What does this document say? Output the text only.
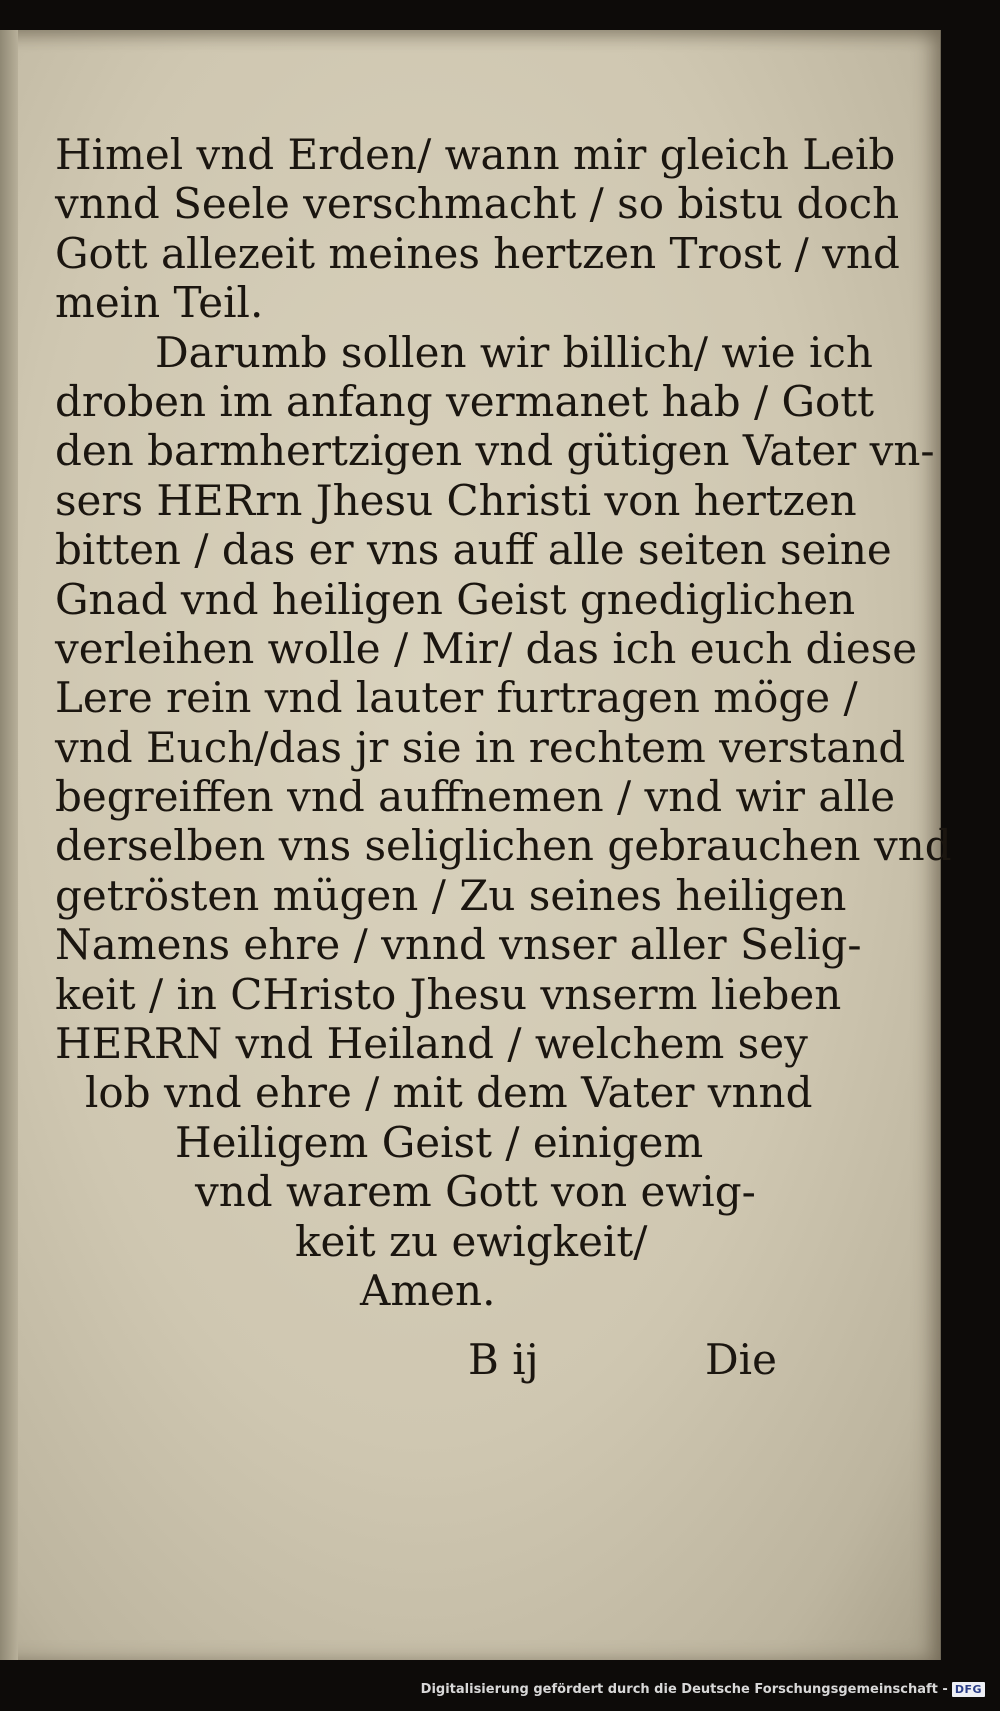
Himel vnd Erden/ wann mir gleich Leib
vnnd Seele verschmacht / so bistu doch
Gott allezeit meines hertzen Trost / vnd
mein Teil.
Darumb sollen wir billich/ wie ich
droben im anfang vermanet hab / Gott
den barmhertzigen vnd gütigen Vater vn-
sers HERrn Jhesu Christi von hertzen
bitten / das er vns auff alle seiten seine
Gnad vnd heiligen Geist gnediglichen
verleihen wolle / Mir/ das ich euch diese
Lere rein vnd lauter furtragen möge /
vnd Euch/das jr sie in rechtem verstand
begreiffen vnd auffnemen / vnd wir alle
derselben vns seliglichen gebrauchen vnd
getrösten mügen / Zu seines heiligen
Namens ehre / vnnd vnser aller Selig-
keit / in CHristo Jhesu vnserm lieben
HERRN vnd Heiland / welchem sey
lob vnd ehre / mit dem Vater vnnd
Heiligem Geist / einigem
vnd warem Gott von ewig-
keit zu ewigkeit/
Amen.
B ij	Die
Digitalisierung gefördert durch die Deutsche Forschungsgemeinschaft - DFG
